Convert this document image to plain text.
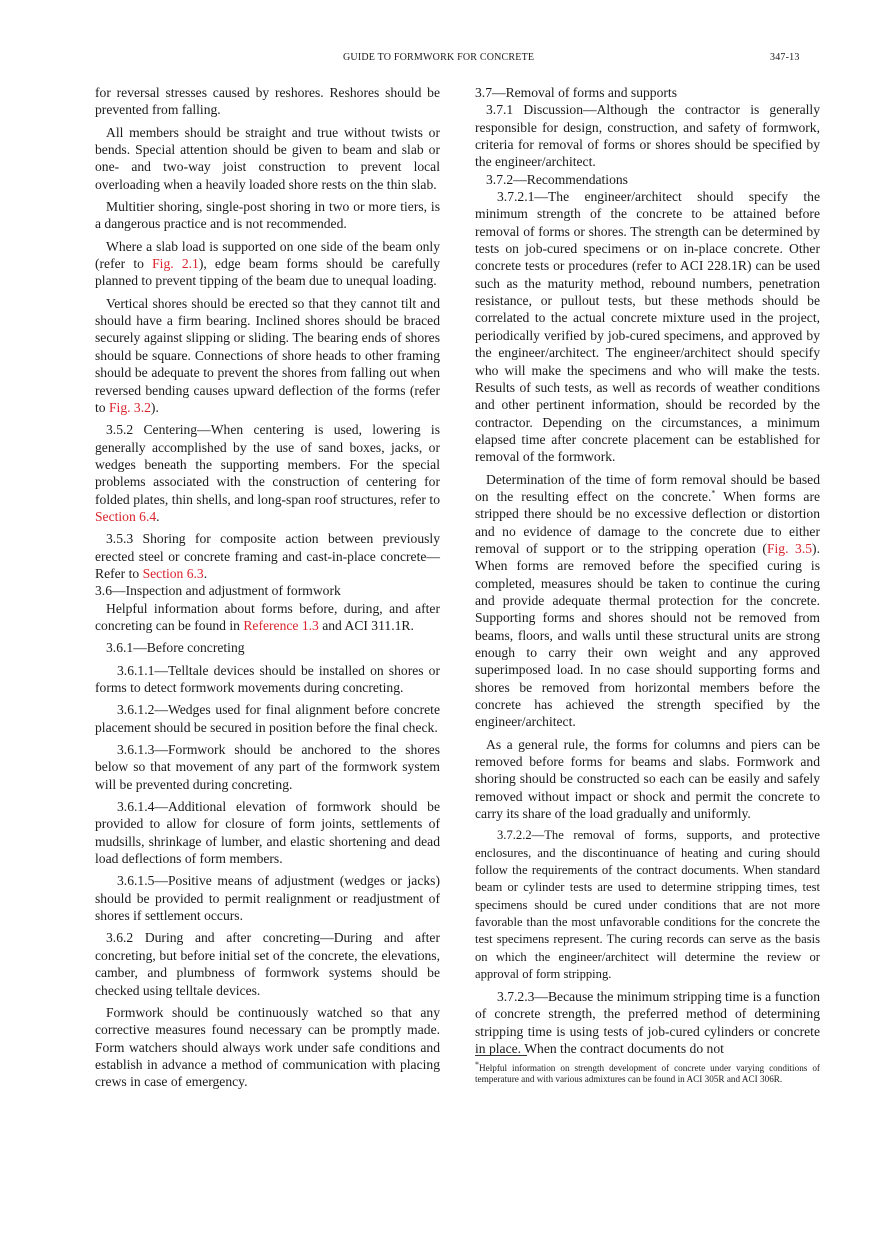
GUIDE TO FORMWORK FOR CONCRETE	347-13

for reversal stresses caused by reshores. Reshores should be prevented from falling.

All members should be straight and true without twists or bends. Special attention should be given to beam and slab or one- and two-way joist construction to prevent local overloading when a heavily loaded shore rests on the thin slab.

Multitier shoring, single-post shoring in two or more tiers, is a dangerous practice and is not recommended.

Where a slab load is supported on one side of the beam only (refer to Fig. 2.1), edge beam forms should be carefully planned to prevent tipping of the beam due to unequal loading.

Vertical shores should be erected so that they cannot tilt and should have a firm bearing. Inclined shores should be braced securely against slipping or sliding. The bearing ends of shores should be square. Connections of shore heads to other framing should be adequate to prevent the shores from falling out when reversed bending causes upward deflection of the forms (refer to Fig. 3.2).

3.5.2 Centering—When centering is used, lowering is generally accomplished by the use of sand boxes, jacks, or wedges beneath the supporting members. For the special problems associated with the construction of centering for folded plates, thin shells, and long-span roof structures, refer to Section 6.4.

3.5.3 Shoring for composite action between previously erected steel or concrete framing and cast-in-place concrete—Refer to Section 6.3.

3.6—Inspection and adjustment of formwork

Helpful information about forms before, during, and after concreting can be found in Reference 1.3 and ACI 311.1R.

3.6.1—Before concreting

3.6.1.1—Telltale devices should be installed on shores or forms to detect formwork movements during concreting.

3.6.1.2—Wedges used for final alignment before concrete placement should be secured in position before the final check.

3.6.1.3—Formwork should be anchored to the shores below so that movement of any part of the formwork system will be prevented during concreting.

3.6.1.4—Additional elevation of formwork should be provided to allow for closure of form joints, settlements of mudsills, shrinkage of lumber, and elastic shortening and dead load deflections of form members.

3.6.1.5—Positive means of adjustment (wedges or jacks) should be provided to permit realignment or readjustment of shores if settlement occurs.

3.6.2 During and after concreting—During and after concreting, but before initial set of the concrete, the elevations, camber, and plumbness of formwork systems should be checked using telltale devices.

Formwork should be continuously watched so that any corrective measures found necessary can be promptly made. Form watchers should always work under safe conditions and establish in advance a method of communication with placing crews in case of emergency.

3.7—Removal of forms and supports

3.7.1 Discussion—Although the contractor is generally responsible for design, construction, and safety of formwork, criteria for removal of forms or shores should be specified by the engineer/architect.

3.7.2—Recommendations

3.7.2.1—The engineer/architect should specify the minimum strength of the concrete to be attained before removal of forms or shores. The strength can be determined by tests on job-cured specimens or on in-place concrete. Other concrete tests or procedures (refer to ACI 228.1R) can be used such as the maturity method, rebound numbers, penetration resistance, or pullout tests, but these methods should be correlated to the actual concrete mixture used in the project, periodically verified by job-cured specimens, and approved by the engineer/architect. The engineer/architect should specify who will make the specimens and who will make the tests. Results of such tests, as well as records of weather conditions and other pertinent information, should be recorded by the contractor. Depending on the circumstances, a minimum elapsed time after concrete placement can be established for removal of the formwork.

Determination of the time of form removal should be based on the resulting effect on the concrete.* When forms are stripped there should be no excessive deflection or distortion and no evidence of damage to the concrete due to either removal of support or to the stripping operation (Fig. 3.5). When forms are removed before the specified curing is completed, measures should be taken to continue the curing and provide adequate thermal protection for the concrete. Supporting forms and shores should not be removed from beams, floors, and walls until these structural units are strong enough to carry their own weight and any approved superimposed load. In no case should supporting forms and shores be removed from horizontal members before the concrete has achieved the strength specified by the engineer/architect.

As a general rule, the forms for columns and piers can be removed before forms for beams and slabs. Formwork and shoring should be constructed so each can be easily and safely removed without impact or shock and permit the concrete to carry its share of the load gradually and uniformly.

3.7.2.2—The removal of forms, supports, and protective enclosures, and the discontinuance of heating and curing should follow the requirements of the contract documents. When standard beam or cylinder tests are used to determine stripping times, test specimens should be cured under conditions that are not more favorable than the most unfavorable conditions for the concrete the test specimens represent. The curing records can serve as the basis on which the engineer/architect will determine the review or approval of form stripping.

3.7.2.3—Because the minimum stripping time is a function of concrete strength, the preferred method of determining stripping time is using tests of job-cured cylinders or concrete in place. When the contract documents do not

*Helpful information on strength development of concrete under varying conditions of temperature and with various admixtures can be found in ACI 305R and ACI 306R.
